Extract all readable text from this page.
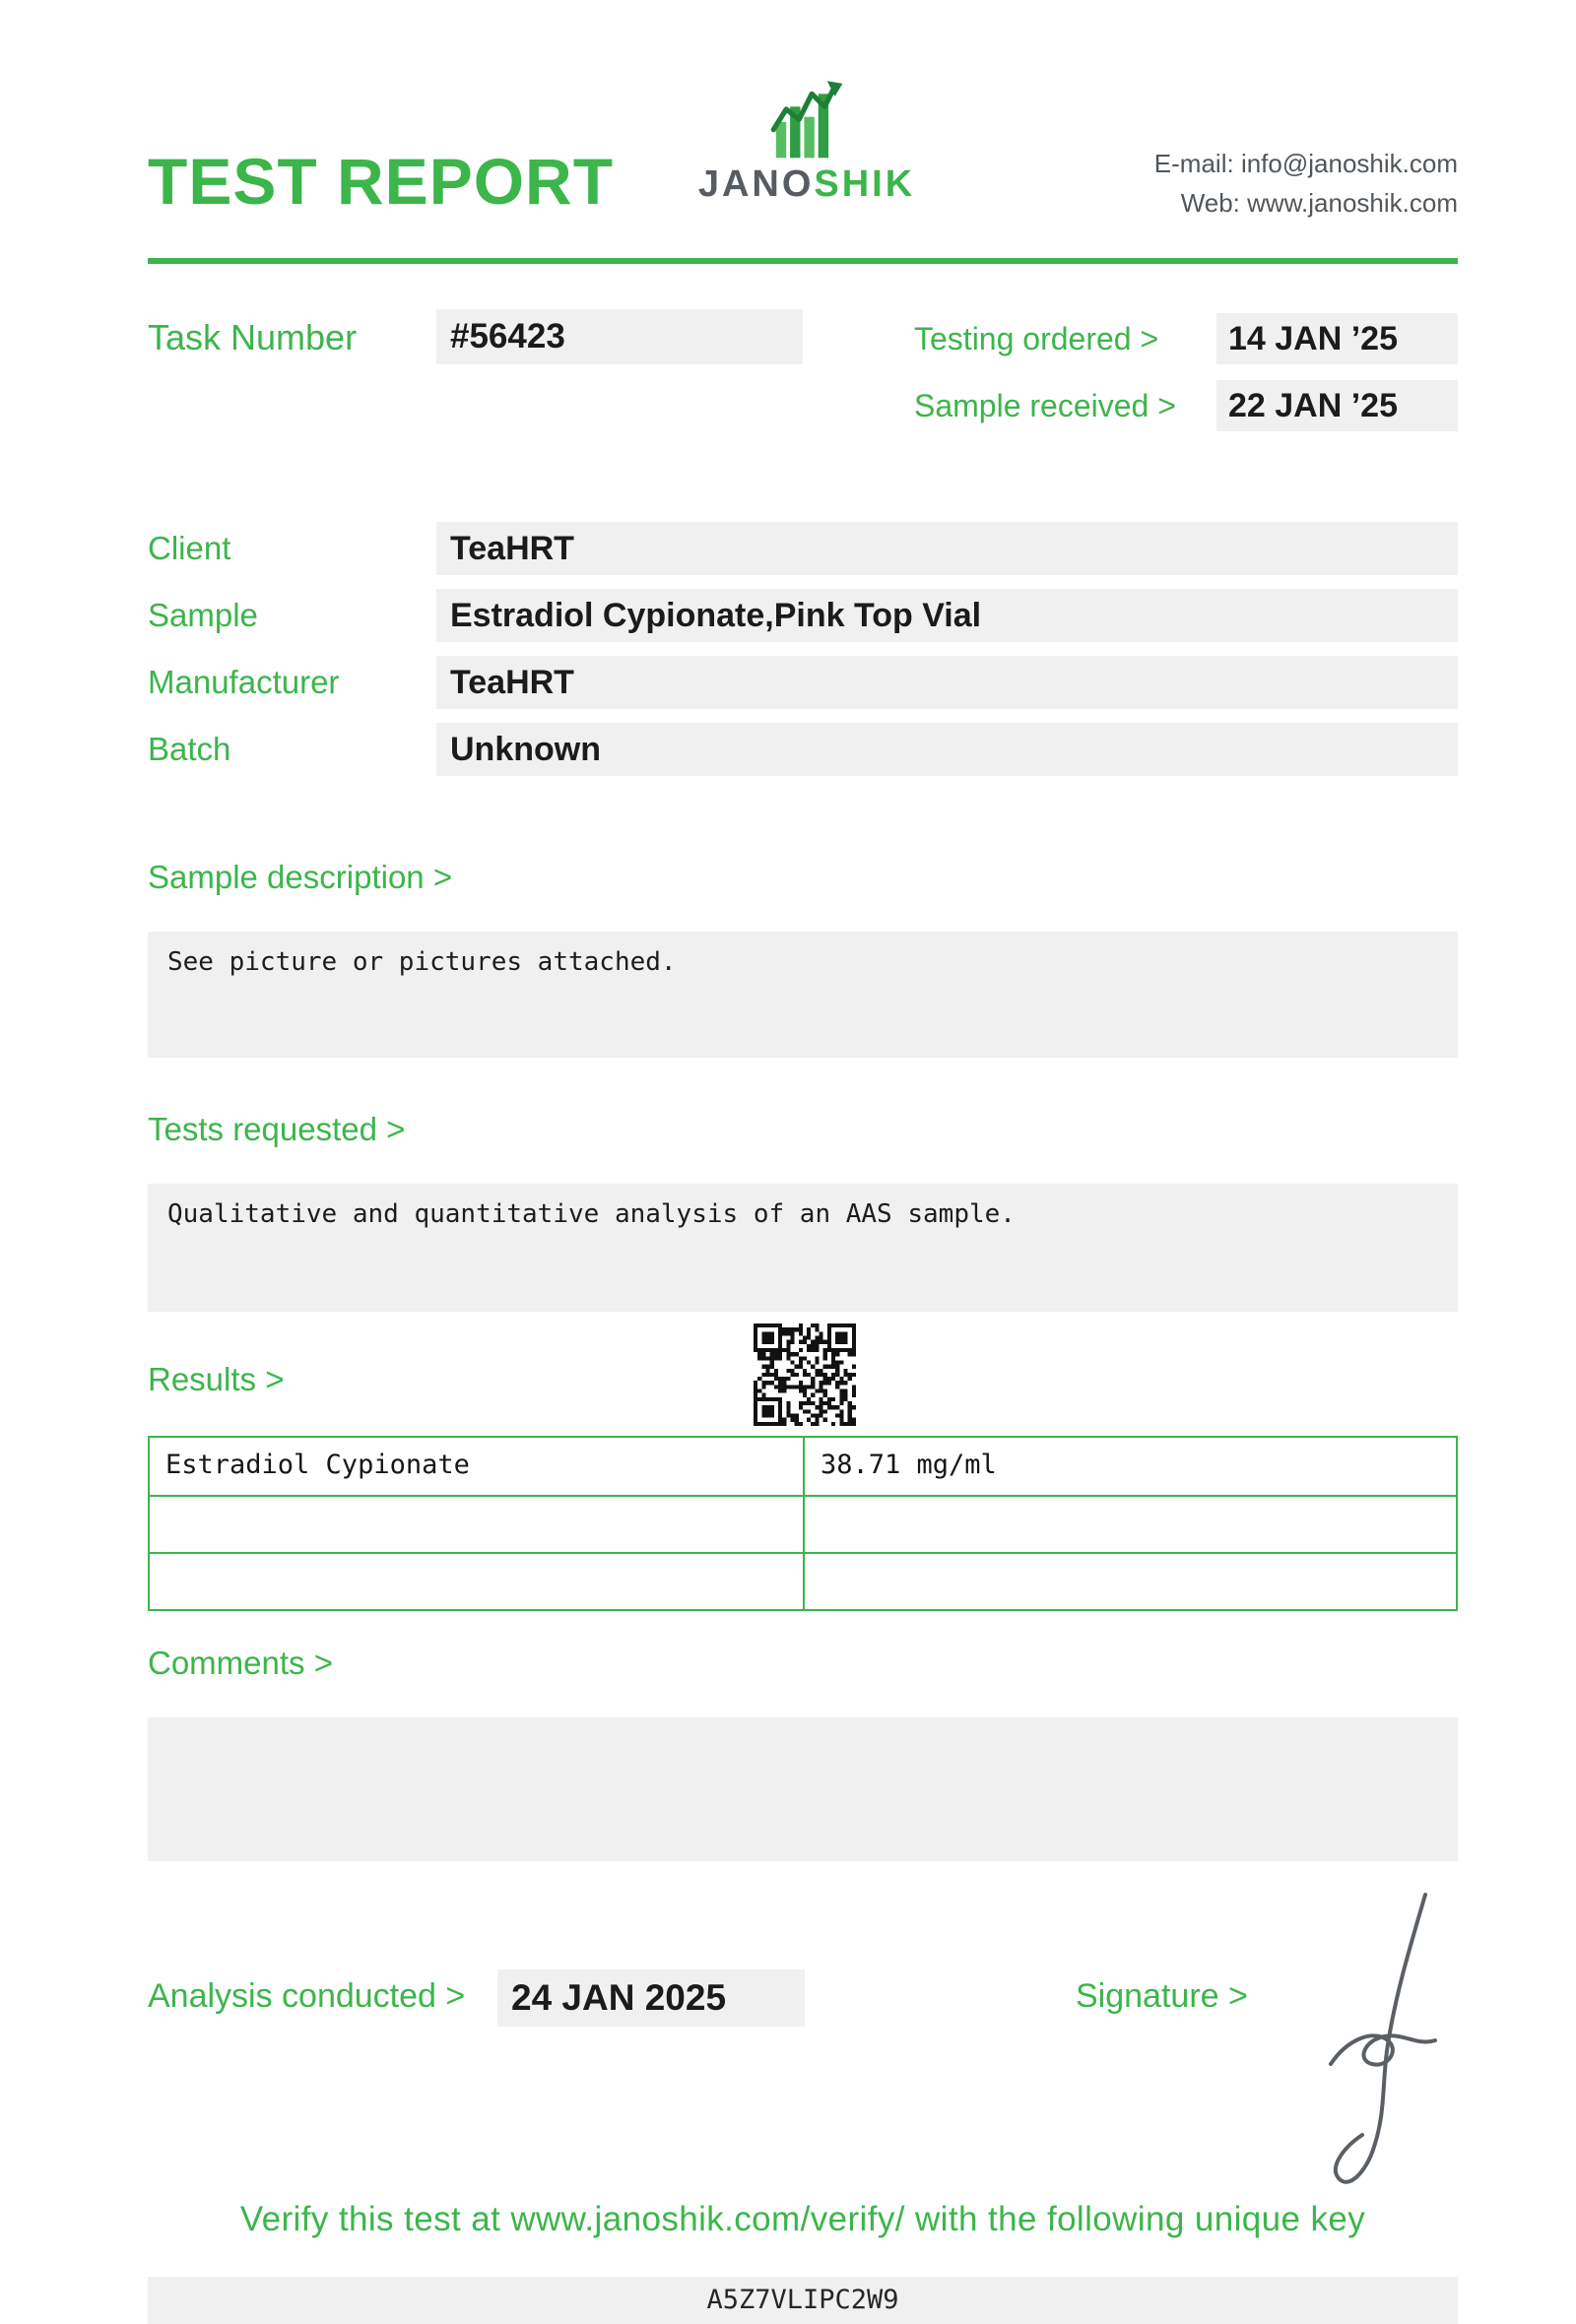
TEST REPORT JANOSHIK	E-mail: info@janoshik.com
Web: www.janoshik.com
Task Number	#56423	Testing ordered >	14 JAN ’25
Sample received >	22 JAN ’25
Client	TeaHRT
Sample	Estradiol Cypionate,Pink Top Vial
Manufacturer	TeaHRT
Batch	Unknown
Sample description >
See picture or pictures attached.
Tests requested >
Qualitative and quantitative analysis of an AAS sample.
Results >
Estradiol Cypionate	38.71 mg/ml
Comments >
Analysis conducted >	24 JAN 2025	Signature >
Verify this test at www.janoshik.com/verify/ with the following unique key
A5Z7VLIPC2W9
